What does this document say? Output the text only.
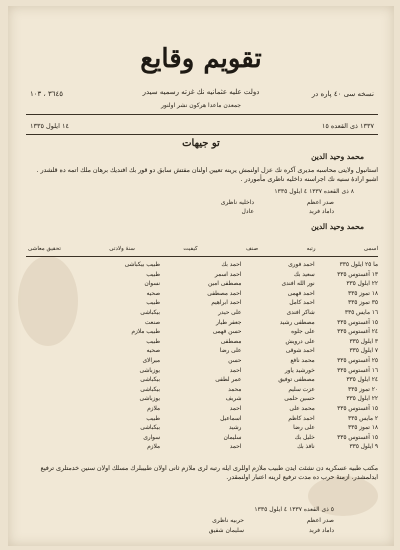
تقويم وقايع
دولت عليه عثمانيه نك غزته رسميه سيدر
٣٦٤٥ ، ١٠٣	نسخه سى ٤٠ پاره در
جمعدن ماعدا هركون نشر اولنور
١٤ ايلول ١٣٣٥	١٣٣٧ ذى القعده ١٥
تو جيهات
محمد وحيد الدين
استانبول ولايتى محاسبه مديرى آكره نك عزل اولنمش يرينه تعيين اولنان مفتش سابق دو قور بك افنديك برهان ملك اتمه ده قلشدر . اشبو ارادۀ سنيه نك اجراسنه داخليه ناظرى مأموردر .
٨ ذى القعده ١٣٣٧ ٤ ايلول ١٣٣٥
صدر اعظم
داخليه ناظرى
داماد فريد
عادل
محمد وحيد الدين
اسمى
رتبه
صنف
كيفيت
سنۀ ولادتى
تحقيق معاشى
ما ٢٥ ايلول ٣٣٥
احمد فورى
احمد بك
طبيب بيكباشى
١٣ آغستوس ٣٣٥
سعيد بك
احمد اسمر
طبيب
٢٢ ايلول ٣٣٥
نور الله افندى
مصطفى امين
نسوان
١٨ تموز ٣٣٥
احمد فهمى
احمد مصطفى
صحيه
٣٥ تموز ٣٣٥
احمد كامل
احمد ابراهيم
طبيب
١٦ مايس ٣٣٥
شاكر افندى
على حيدر
بيكباشى
١٥ آغستوس ٣٣٥
مصطفى رشيد
جعفر طيار
صنعت
٢٤ آغستوس ٣٣٥
على جلوه
حسن فهمى
طبيب ملازم
٣ ايلول ٣٣٥
على درويش
مصطفى
طبيب
٧ ايلول ٣٣٥
احمد شوقى
على رضا
صحيه
٢٥ آغستوس ٣٣٥
محمد نافع
حسن
ميرالاى
١٦ آغستوس ٣٣٥
خورشيد ياور
احمد
يوزباشى
٢٤ ايلول ٣٣٥
مصطفى توفيق
عمر لطفى
بيكباشى
٢٠ تموز ٣٣٥
عزت سليم
محمد
بيكباشى
٢٢ ايلول ٣٣٥
حسين حلمى
شريف
يوزباشى
١٥ آغستوس ٣٣٥
محمد على
احمد
ملازم
٢ مايس ٣٣٥
احمد كاظم
اسماعيل
طبيب
١٨ تموز ٣٣٥
على رضا
رشيد
بيكباشى
١٥ آغستوس ٣٣٥
خليل بك
سليمان
سوارى
٩ ايلول ٣٣٥
نافذ بك
احمد
ملازم
مكتب طبيه عسكريه دن نشئت ايدن طبيب ملازم اوللرى ايله رتبه لرى ملازم ثانى اولان طبيبلرك مسلك اولان سنين خدمتلرى ترفيع ايدلمشدر. ازمنۀ حرب ده مدت ترفيع لرينه اعتبار اولنمقدر.
٥ ذى القعده ١٣٣٧ ٤ ايلول ١٣٣٥
صدر اعظم
حربيه ناظرى
داماد فريد
سليمان شفيق
